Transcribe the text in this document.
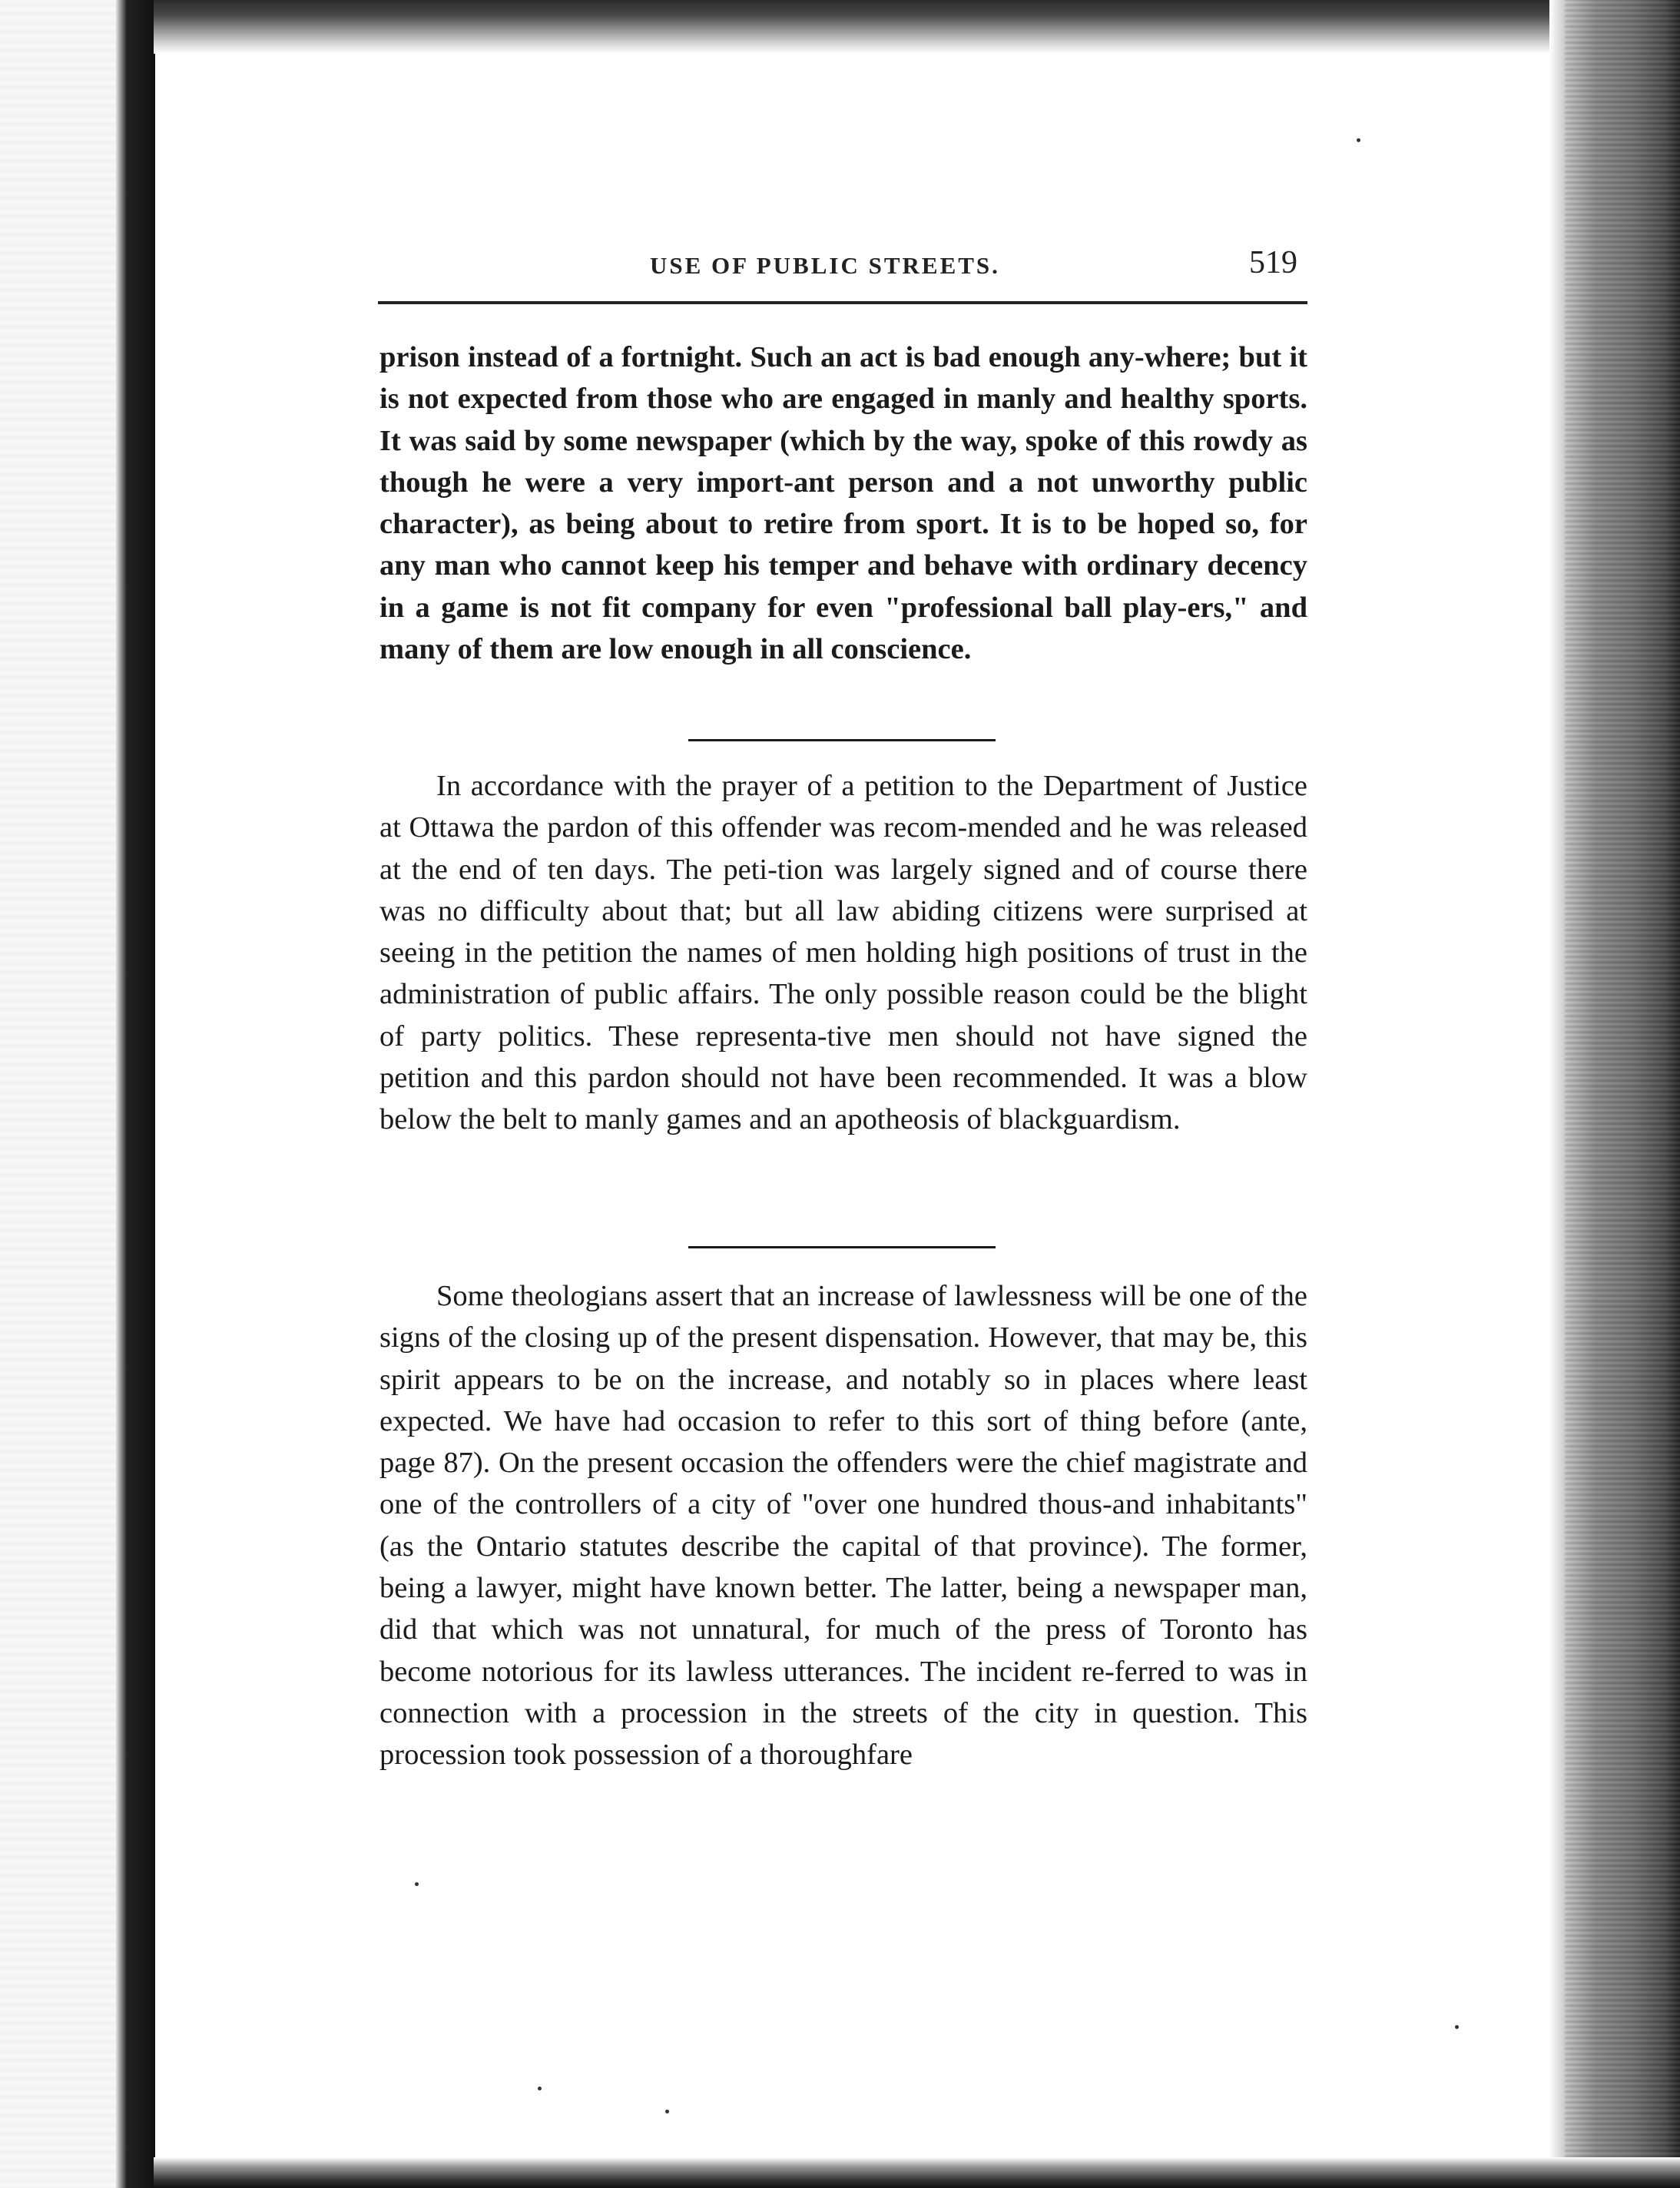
USE OF PUBLIC STREETS.	519

prison instead of a fortnight. Such an act is bad enough any-where; but it is not expected from those who are engaged in manly and healthy sports. It was said by some newspaper (which by the way, spoke of this rowdy as though he were a very import-ant person and a not unworthy public character), as being about to retire from sport. It is to be hoped so, for any man who cannot keep his temper and behave with ordinary decency in a game is not fit company for even "professional ball play-ers," and many of them are low enough in all conscience.

In accordance with the prayer of a petition to the Department of Justice at Ottawa the pardon of this offender was recom-mended and he was released at the end of ten days. The peti-tion was largely signed and of course there was no difficulty about that; but all law abiding citizens were surprised at seeing in the petition the names of men holding high positions of trust in the administration of public affairs. The only possible reason could be the blight of party politics. These representa-tive men should not have signed the petition and this pardon should not have been recommended. It was a blow below the belt to manly games and an apotheosis of blackguardism.

Some theologians assert that an increase of lawlessness will be one of the signs of the closing up of the present dispensation. However, that may be, this spirit appears to be on the increase, and notably so in places where least expected. We have had occasion to refer to this sort of thing before (ante, page 87). On the present occasion the offenders were the chief magistrate and one of the controllers of a city of "over one hundred thous-and inhabitants" (as the Ontario statutes describe the capital of that province). The former, being a lawyer, might have known better. The latter, being a newspaper man, did that which was not unnatural, for much of the press of Toronto has become notorious for its lawless utterances. The incident re-ferred to was in connection with a procession in the streets of the city in question. This procession took possession of a thoroughfare
